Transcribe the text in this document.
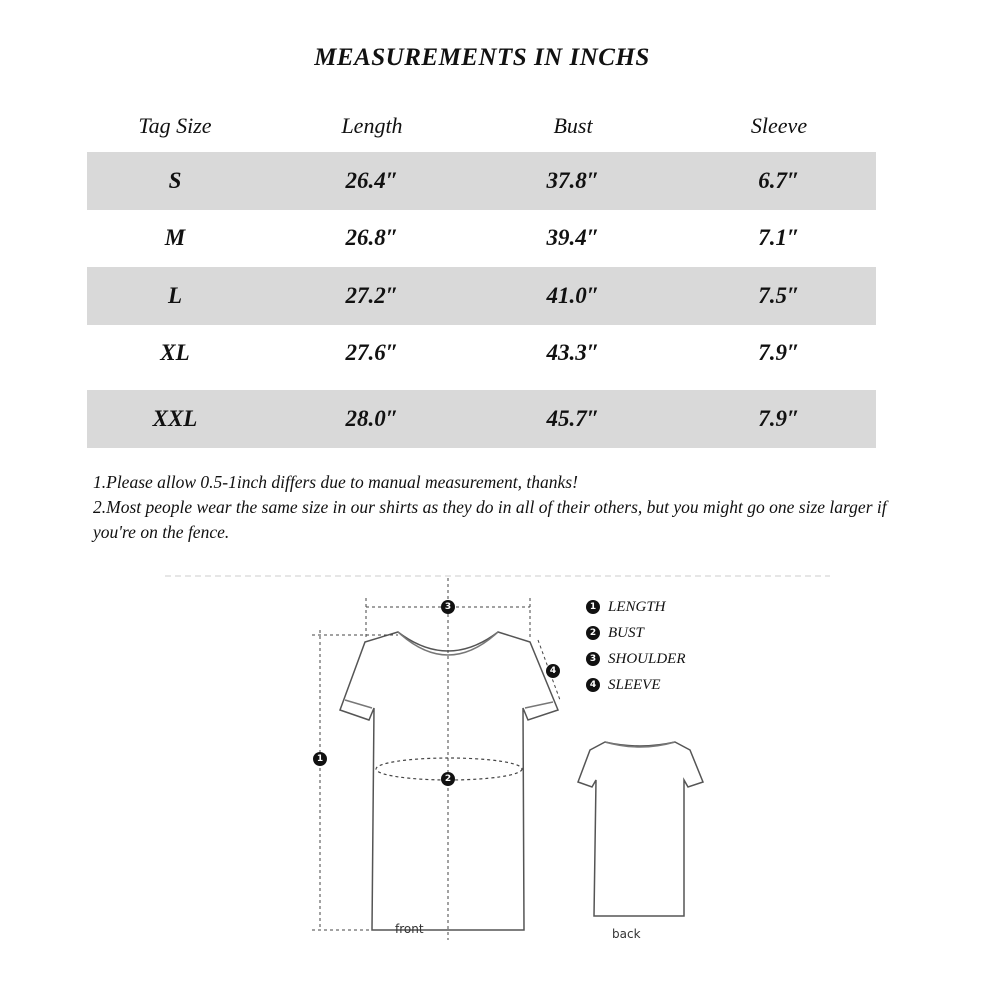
MEASUREMENTS IN INCHS
Tag Size	Length	Bust	Sleeve
S	26.4″	37.8″	6.7″
M	26.8″	39.4″	7.1″
L	27.2″	41.0″	7.5″
XL	27.6″	43.3″	7.9″
XXL	28.0″	45.7″	7.9″

1.Please allow 0.5-1inch differs due to manual measurement, thanks!

2.Most people wear the same size in our shirts as they do in all of their others, but you might go one size larger if you're on the fence.

3
4
1
2
1 LENGTH
2 BUST
3 SHOULDER
4 SLEEVE
front	back
